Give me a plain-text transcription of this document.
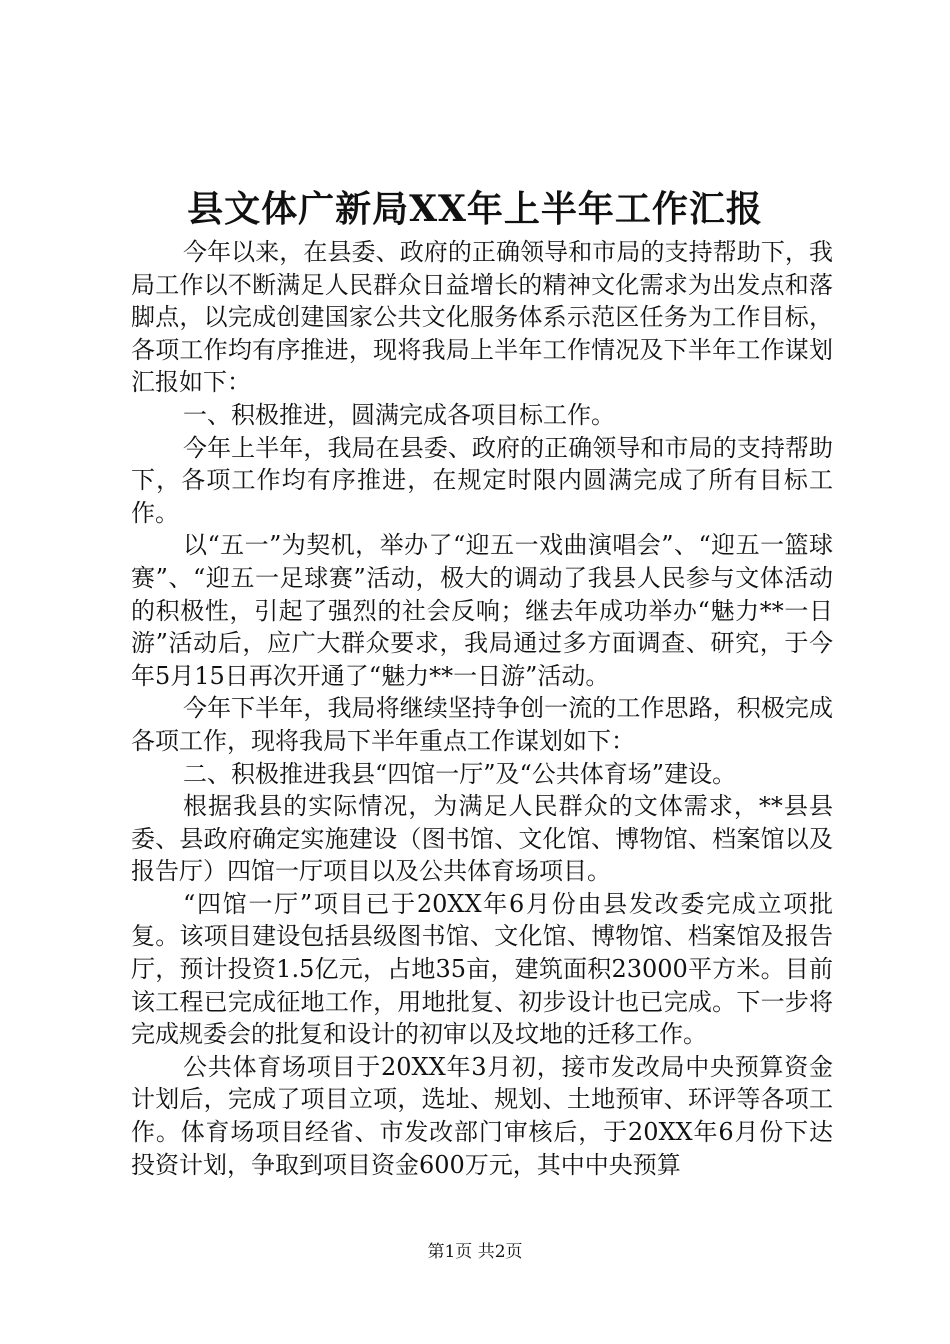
县文体广新局XX年上半年工作汇报

今年以来，在县委、政府的正确领导和市局的支持帮助下，我局工作以不断满足人民群众日益增长的精神文化需求为出发点和落脚点，以完成创建国家公共文化服务体系示范区任务为工作目标，各项工作均有序推进，现将我局上半年工作情况及下半年工作谋划汇报如下：

一、积极推进，圆满完成各项目标工作。

今年上半年，我局在县委、政府的正确领导和市局的支持帮助下，各项工作均有序推进，在规定时限内圆满完成了所有目标工作。

以“五一”为契机，举办了“迎五一戏曲演唱会”、“迎五一篮球赛”、“迎五一足球赛”活动，极大的调动了我县人民参与文体活动的积极性，引起了强烈的社会反响；继去年成功举办“魅力**一日游”活动后，应广大群众要求，我局通过多方面调查、研究，于今年5月15日再次开通了“魅力**一日游”活动。

今年下半年，我局将继续坚持争创一流的工作思路，积极完成各项工作，现将我局下半年重点工作谋划如下：

二、积极推进我县“四馆一厅”及“公共体育场”建设。

根据我县的实际情况，为满足人民群众的文体需求，**县县委、县政府确定实施建设（图书馆、文化馆、博物馆、档案馆以及报告厅）四馆一厅项目以及公共体育场项目。

“四馆一厅”项目已于20XX年6月份由县发改委完成立项批复。该项目建设包括县级图书馆、文化馆、博物馆、档案馆及报告厅，预计投资1.5亿元，占地35亩，建筑面积23000平方米。目前该工程已完成征地工作，用地批复、初步设计也已完成。下一步将完成规委会的批复和设计的初审以及坟地的迁移工作。

公共体育场项目于20XX年3月初，接市发改局中央预算资金计划后，完成了项目立项，选址、规划、土地预审、环评等各项工作。体育场项目经省、市发改部门审核后，于20XX年6月份下达投资计划，争取到项目资金600万元，其中中央预算

第1页 共2页
